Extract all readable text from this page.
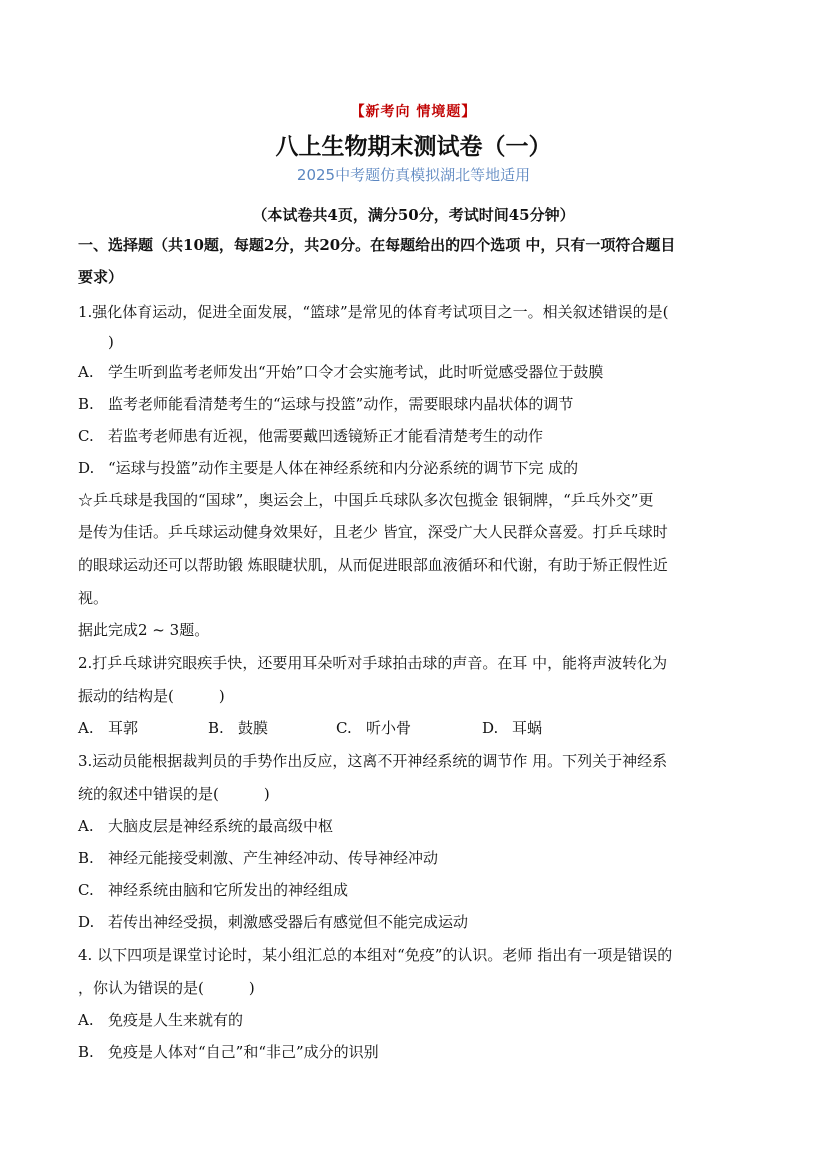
【新考向 情境题】
八上生物期末测试卷（一）
2025中考题仿真模拟湖北等地适用
（本试卷共4页，满分50分，考试时间45分钟）
一、选择题（共10题，每题2分，共20分。在每题给出的四个选项 中，只有一项符合题目
要求）
1.强化体育运动，促进全面发展，“篮球”是常见的体育考试项目之一。相关叙述错误的是(
)
A. 学生听到监考老师发出“开始”口令才会实施考试，此时听觉感受器位于鼓膜
B. 监考老师能看清楚考生的“运球与投篮”动作，需要眼球内晶状体的调节
C. 若监考老师患有近视，他需要戴凹透镜矫正才能看清楚考生的动作
D. “运球与投篮”动作主要是人体在神经系统和内分泌系统的调节下完 成的
☆乒乓球是我国的“国球”，奥运会上，中国乒乓球队多次包揽金 银铜牌，“乒乓外交”更
是传为佳话。乒乓球运动健身效果好，且老少 皆宜，深受广大人民群众喜爱。打乒乓球时
的眼球运动还可以帮助锻 炼眼睫状肌，从而促进眼部血液循环和代谢，有助于矫正假性近
视。
据此完成2 ~ 3题。
2.打乒乓球讲究眼疾手快，还要用耳朵听对手球拍击球的声音。在耳 中，能将声波转化为
振动的结构是(　　　)
A. 耳郭	B. 鼓膜	C. 听小骨	D. 耳蜗
3.运动员能根据裁判员的手势作出反应，这离不开神经系统的调节作 用。下列关于神经系
统的叙述中错误的是(　　　)
A. 大脑皮层是神经系统的最高级中枢
B. 神经元能接受刺激、产生神经冲动、传导神经冲动
C. 神经系统由脑和它所发出的神经组成
D. 若传出神经受损，刺激感受器后有感觉但不能完成运动
4. 以下四项是课堂讨论时，某小组汇总的本组对“免疫”的认识。老师 指出有一项是错误的
，你认为错误的是(　　　)
A. 免疫是人生来就有的
B. 免疫是人体对“自己”和“非己”成分的识别
